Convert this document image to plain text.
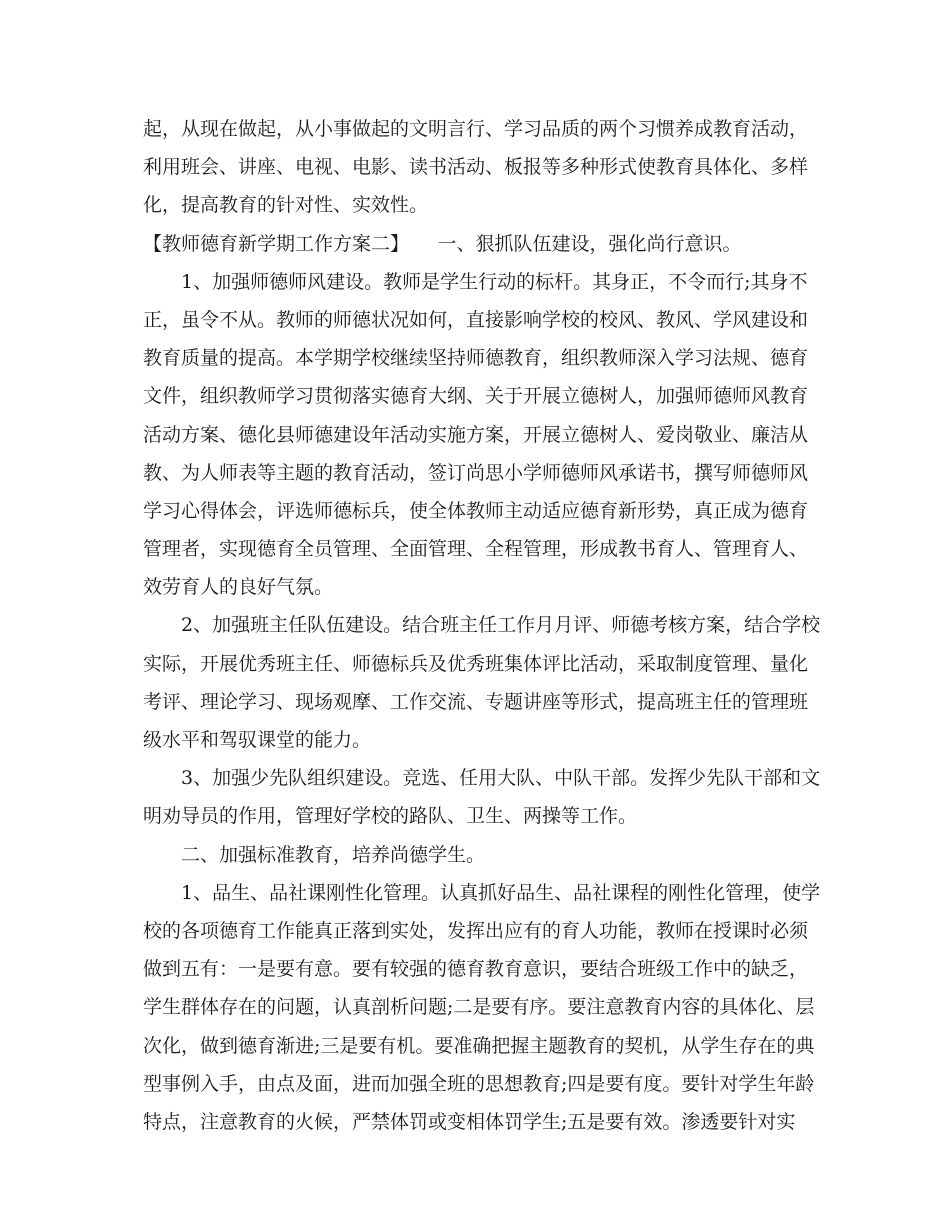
起，从现在做起，从小事做起的文明言行、学习品质的两个习惯养成教育活动，
利用班会、讲座、电视、电影、读书活动、板报等多种形式使教育具体化、多样
化，提高教育的针对性、实效性。
【教师德育新学期工作方案二】　　一、狠抓队伍建设，强化尚行意识。
　　1、加强师德师风建设。教师是学生行动的标杆。其身正，不令而行;其身不
正，虽令不从。教师的师德状况如何，直接影响学校的校风、教风、学风建设和
教育质量的提高。本学期学校继续坚持师德教育，组织教师深入学习法规、德育
文件，组织教师学习贯彻落实德育大纲、关于开展立德树人，加强师德师风教育
活动方案、德化县师德建设年活动实施方案，开展立德树人、爱岗敬业、廉洁从
教、为人师表等主题的教育活动，签订尚思小学师德师风承诺书，撰写师德师风
学习心得体会，评选师德标兵，使全体教师主动适应德育新形势，真正成为德育
管理者，实现德育全员管理、全面管理、全程管理，形成教书育人、管理育人、
效劳育人的良好气氛。
　　2、加强班主任队伍建设。结合班主任工作月月评、师德考核方案，结合学校
实际，开展优秀班主任、师德标兵及优秀班集体评比活动，采取制度管理、量化
考评、理论学习、现场观摩、工作交流、专题讲座等形式，提高班主任的管理班
级水平和驾驭课堂的能力。
　　3、加强少先队组织建设。竞选、任用大队、中队干部。发挥少先队干部和文
明劝导员的作用，管理好学校的路队、卫生、两操等工作。
　　二、加强标准教育，培养尚德学生。
　　1、品生、品社课刚性化管理。认真抓好品生、品社课程的刚性化管理，使学
校的各项德育工作能真正落到实处，发挥出应有的育人功能，教师在授课时必须
做到五有：一是要有意。要有较强的德育教育意识，要结合班级工作中的缺乏，
学生群体存在的问题，认真剖析问题;二是要有序。要注意教育内容的具体化、层
次化，做到德育渐进;三是要有机。要准确把握主题教育的契机，从学生存在的典
型事例入手，由点及面，进而加强全班的思想教育;四是要有度。要针对学生年龄
特点，注意教育的火候，严禁体罚或变相体罚学生;五是要有效。渗透要针对实
